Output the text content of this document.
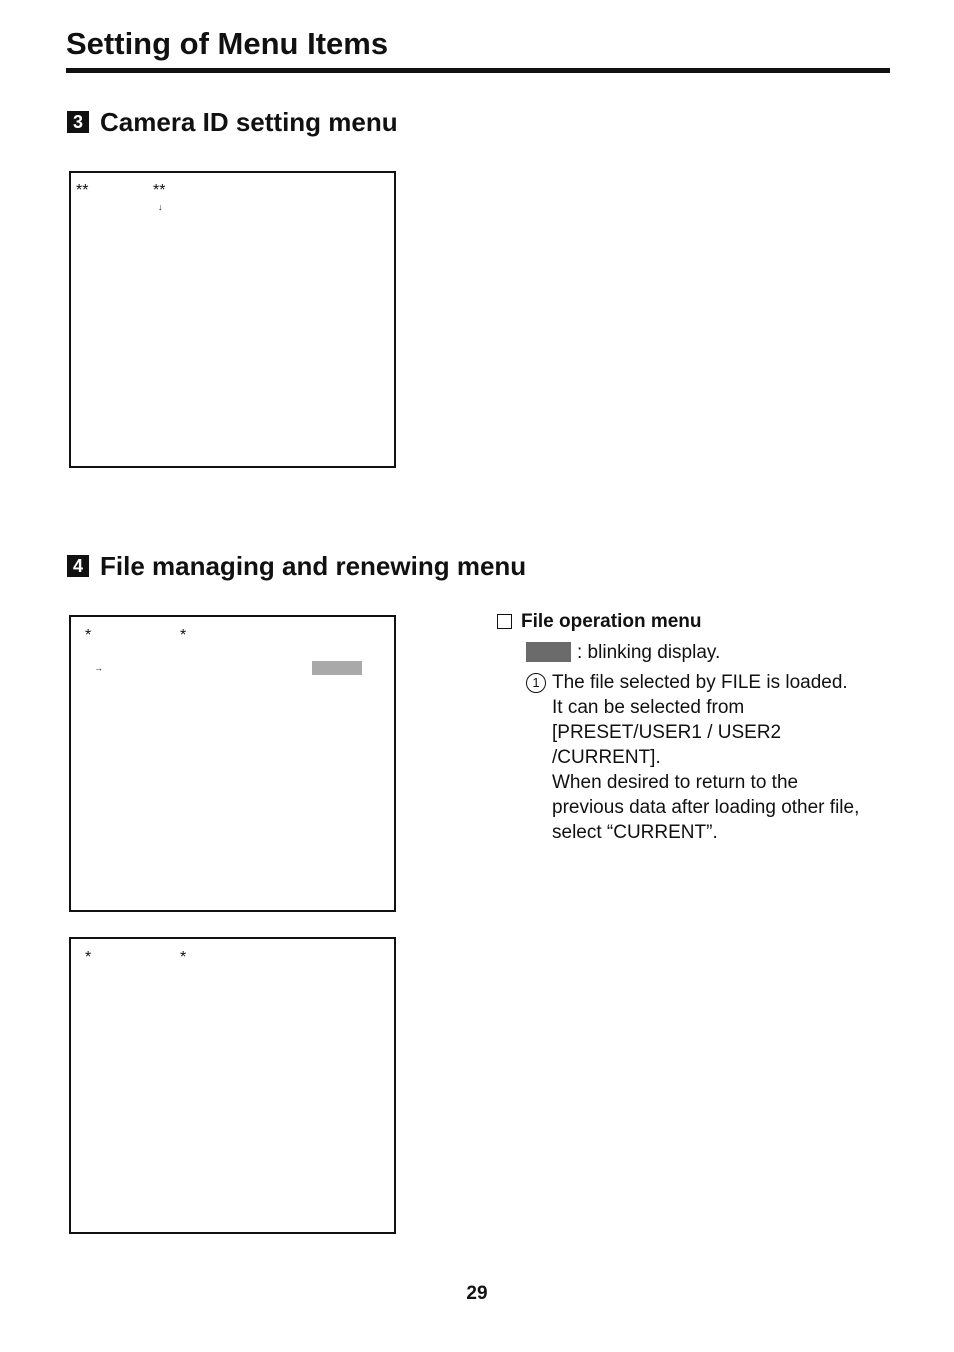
Setting of Menu Items
3 Camera ID setting menu
**	**
↓
4 File managing and renewing menu
*	*
→
*	*
File operation menu
: blinking display.
1 The file selected by FILE is loaded.
It can be selected from
[PRESET/USER1 / USER2
/CURRENT].
When desired to return to the
previous data after loading other file,
select “CURRENT”.
29
